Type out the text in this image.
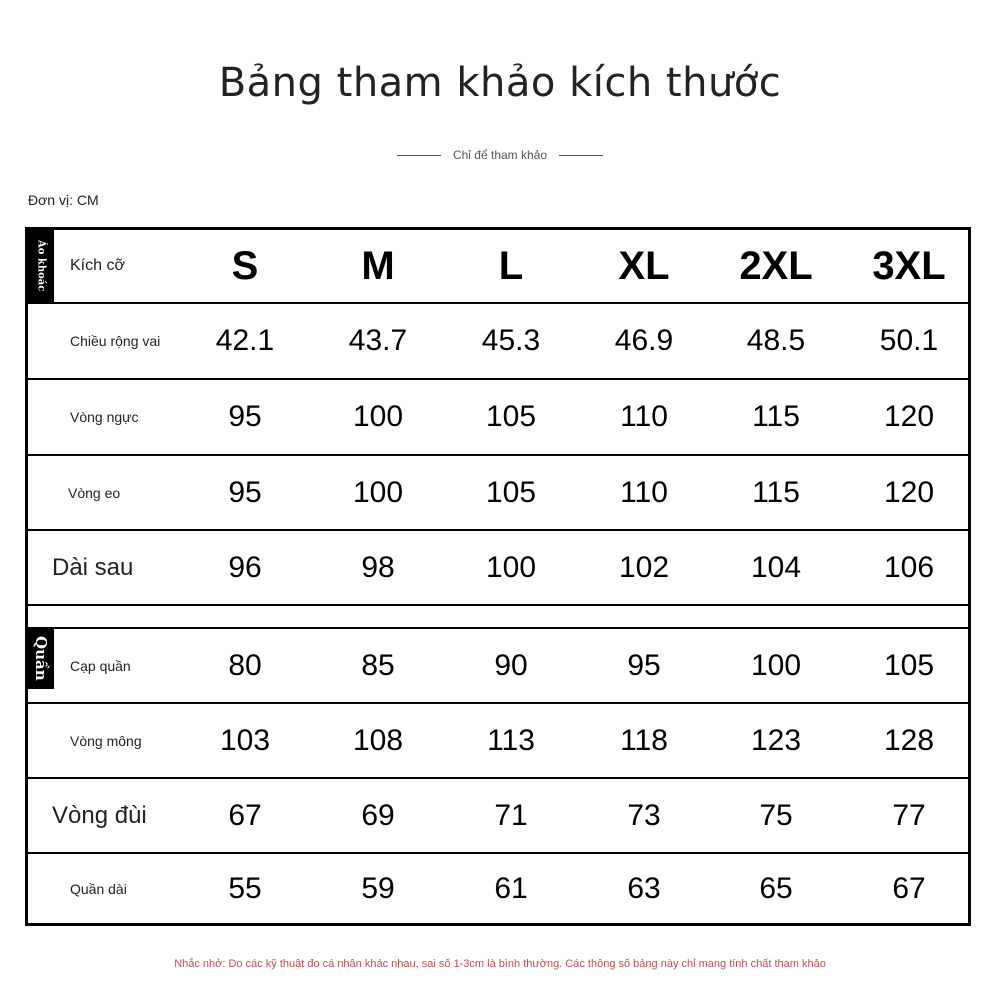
Bảng tham khảo kích thước
Chỉ để tham khảo
Đơn vị: CM
Áo khoác
Quần
Kích cỡ	S	M	L	XL	2XL	3XL
Chiều rộng vai	42.1	43.7	45.3	46.9	48.5	50.1
Vòng ngực	95	100	105	110	115	120
Vòng eo	95	100	105	110	115	120
Dài sau	96	98	100	102	104	106
Cạp quần	80	85	90	95	100	105
Vòng mông	103	108	113	118	123	128
Vòng đùi	67	69	71	73	75	77
Quần dài	55	59	61	63	65	67
Nhắc nhở: Do các kỹ thuật đo cá nhân khác nhau, sai số 1-3cm là bình thường. Các thông số bảng này chỉ mang tính chất tham khảo
